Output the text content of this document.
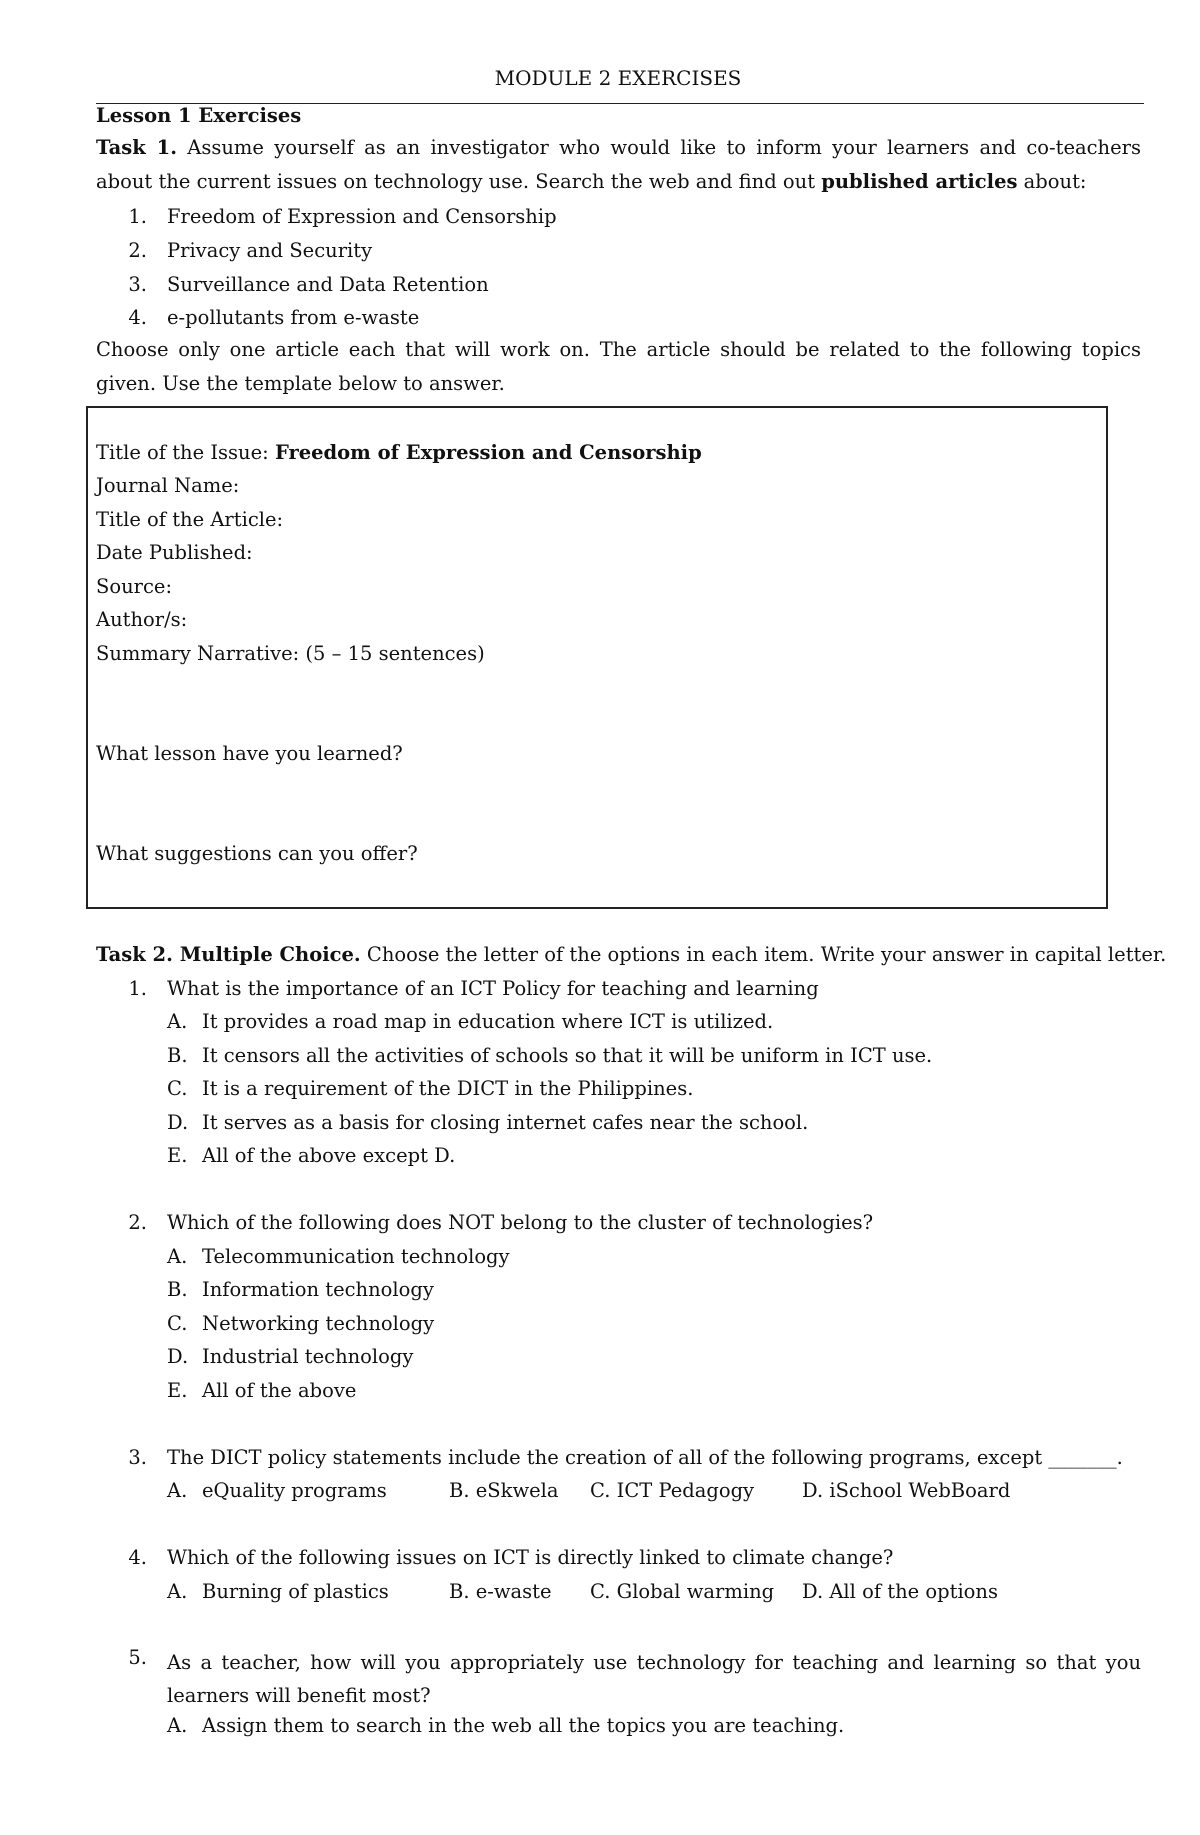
MODULE 2 EXERCISES
Lesson 1 Exercises
Task 1. Assume yourself as an investigator who would like to inform your learners and co-teachers about the current issues on technology use. Search the web and find out published articles about:
1. Freedom of Expression and Censorship
2. Privacy and Security
3. Surveillance and Data Retention
4. e-pollutants from e-waste
Choose only one article each that will work on. The article should be related to the following topics given. Use the template below to answer.
Title of the Issue: Freedom of Expression and Censorship
Journal Name:
Title of the Article:
Date Published:
Source:
Author/s:
Summary Narrative: (5 – 15 sentences)
What lesson have you learned?
What suggestions can you offer?
Task 2. Multiple Choice. Choose the letter of the options in each item. Write your answer in capital letter.
1. What is the importance of an ICT Policy for teaching and learning
A. It provides a road map in education where ICT is utilized.
B. It censors all the activities of schools so that it will be uniform in ICT use.
C. It is a requirement of the DICT in the Philippines.
D. It serves as a basis for closing internet cafes near the school.
E. All of the above except D.
2. Which of the following does NOT belong to the cluster of technologies?
A. Telecommunication technology
B. Information technology
C. Networking technology
D. Industrial technology
E. All of the above
3. The DICT policy statements include the creation of all of the following programs, except _______.
A. eQuality programs	B. eSkwela C. ICT Pedagogy D. iSchool WebBoard
4. Which of the following issues on ICT is directly linked to climate change?
A. Burning of plastics	B. e-waste C. Global warming D. All of the options
5. As a teacher, how will you appropriately use technology for teaching and learning so that you learners will benefit most?
A. Assign them to search in the web all the topics you are teaching.
